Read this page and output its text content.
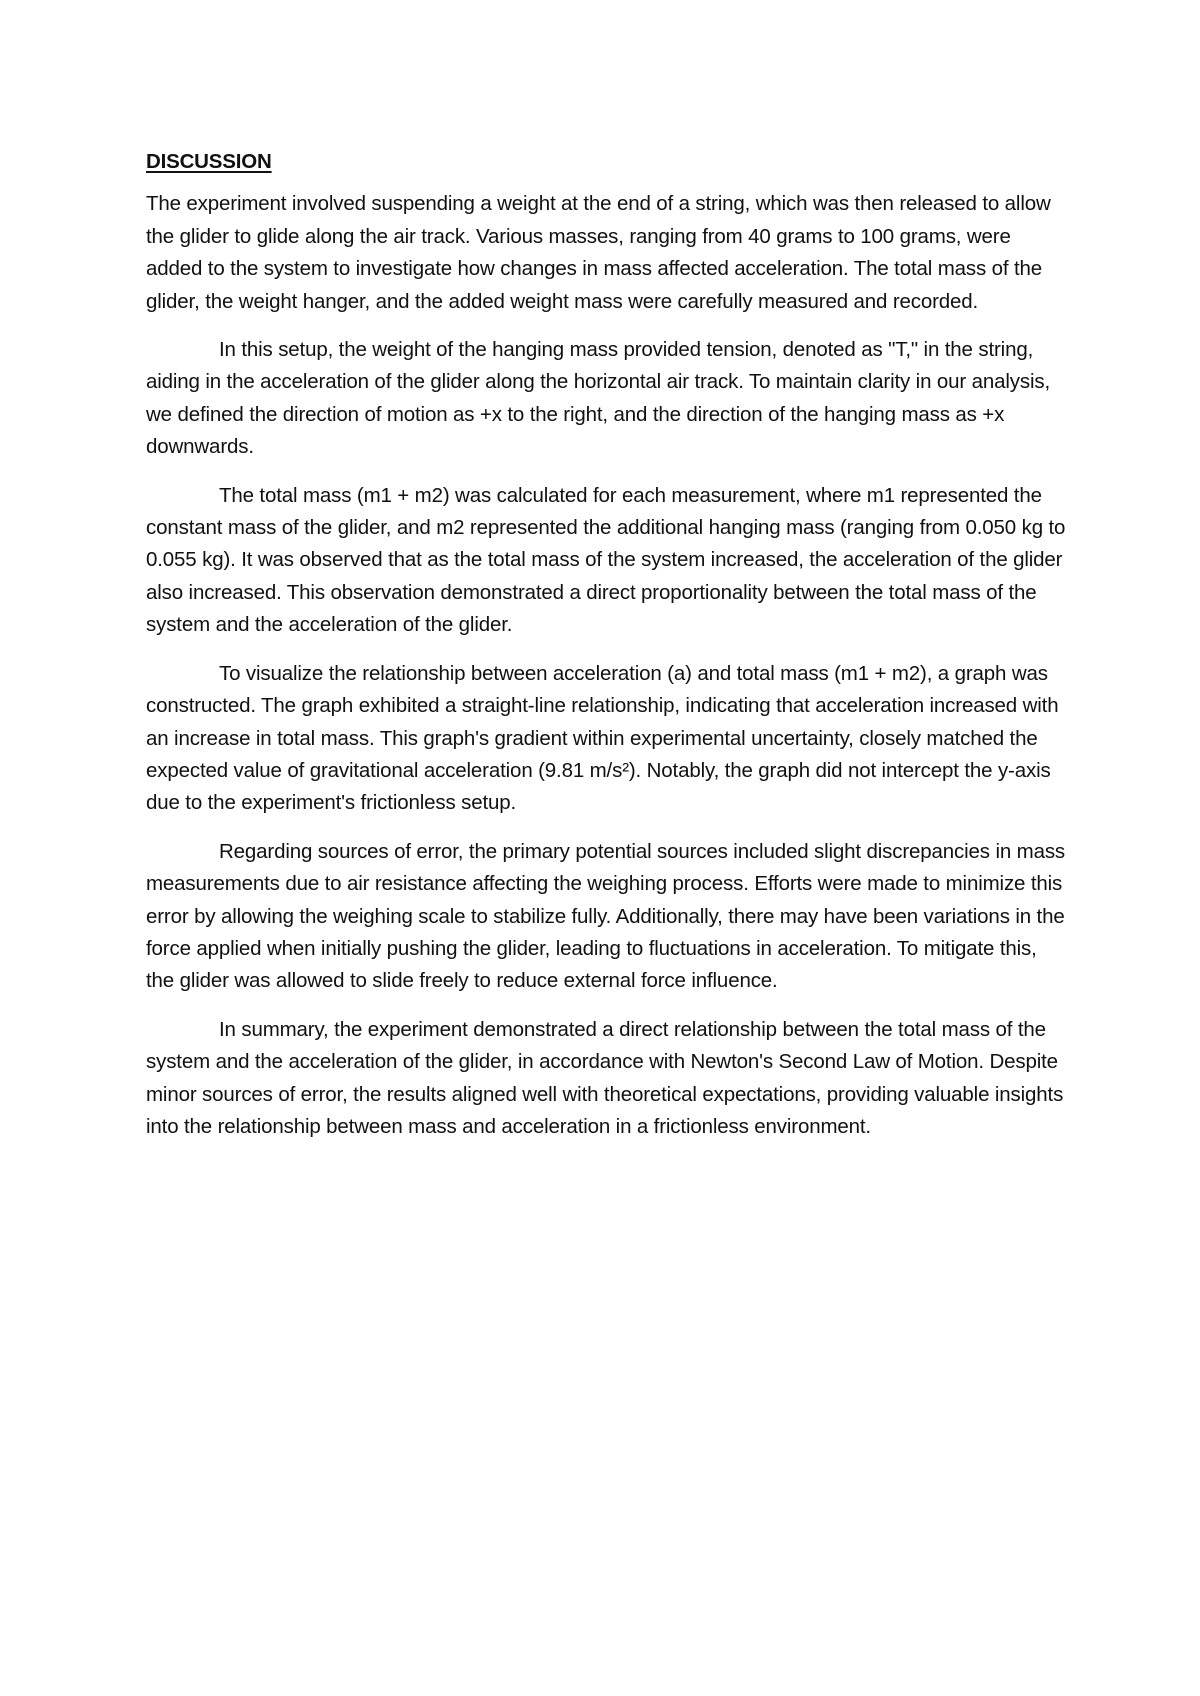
DISCUSSION

The experiment involved suspending a weight at the end of a string, which was then released to allow the glider to glide along the air track. Various masses, ranging from 40 grams to 100 grams, were added to the system to investigate how changes in mass affected acceleration. The total mass of the glider, the weight hanger, and the added weight mass were carefully measured and recorded.

In this setup, the weight of the hanging mass provided tension, denoted as "T," in the string, aiding in the acceleration of the glider along the horizontal air track. To maintain clarity in our analysis, we defined the direction of motion as +x to the right, and the direction of the hanging mass as +x downwards.

The total mass (m1 + m2) was calculated for each measurement, where m1 represented the constant mass of the glider, and m2 represented the additional hanging mass (ranging from 0.050 kg to 0.055 kg). It was observed that as the total mass of the system increased, the acceleration of the glider also increased. This observation demonstrated a direct proportionality between the total mass of the system and the acceleration of the glider.

To visualize the relationship between acceleration (a) and total mass (m1 + m2), a graph was constructed. The graph exhibited a straight-line relationship, indicating that acceleration increased with an increase in total mass. This graph's gradient within experimental uncertainty, closely matched the expected value of gravitational acceleration (9.81 m/s²). Notably, the graph did not intercept the y-axis due to the experiment's frictionless setup.

Regarding sources of error, the primary potential sources included slight discrepancies in mass measurements due to air resistance affecting the weighing process. Efforts were made to minimize this error by allowing the weighing scale to stabilize fully. Additionally, there may have been variations in the force applied when initially pushing the glider, leading to fluctuations in acceleration. To mitigate this, the glider was allowed to slide freely to reduce external force influence.

In summary, the experiment demonstrated a direct relationship between the total mass of the system and the acceleration of the glider, in accordance with Newton's Second Law of Motion. Despite minor sources of error, the results aligned well with theoretical expectations, providing valuable insights into the relationship between mass and acceleration in a frictionless environment.
